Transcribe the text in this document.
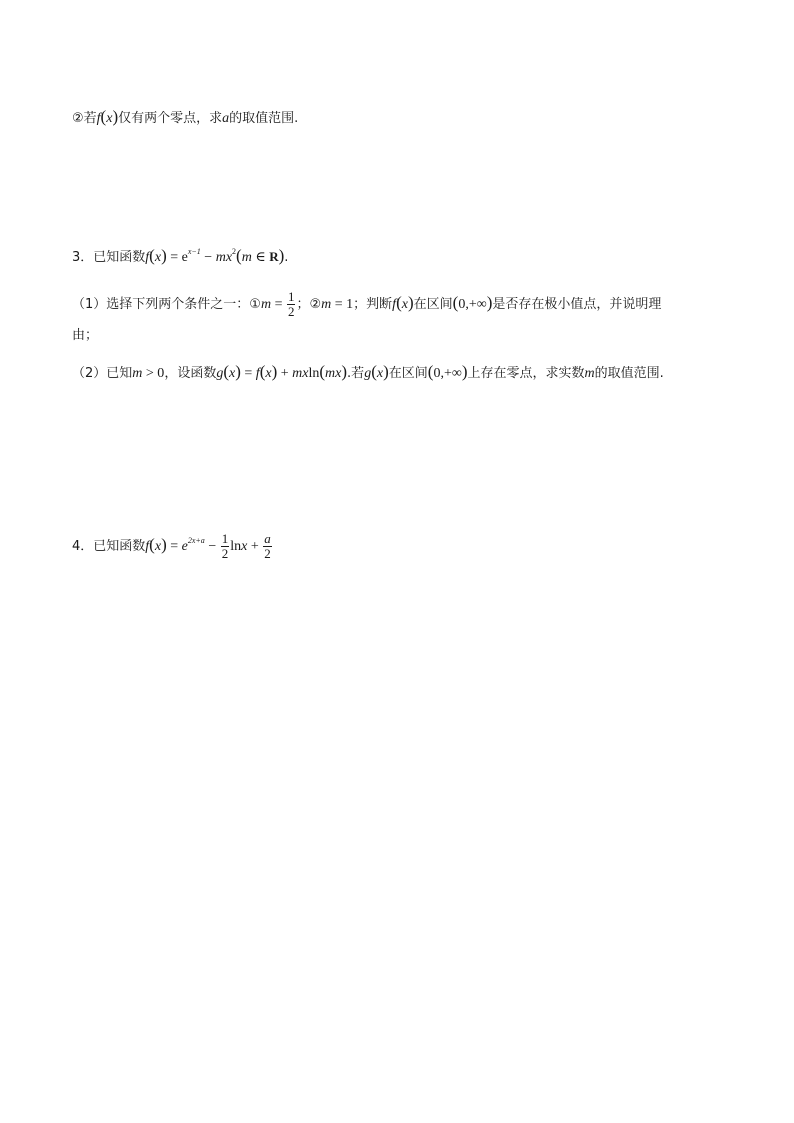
②若f(x)仅有两个零点，求a的取值范围.
3．已知函数$f(x) = e^{x-1} - mx^2(m$ ∈ R).
（1）选择下列两个条件之一：①m = $\frac{1}{2}$ ；②m = 1；判断f(x)在区间(0,+∞)是否存在极小值点，并说明理
由；
（2）已知m > 0，设函数g(x) = f(x) + mxln(mx).若g(x)在区间(0,+∞)上存在零点，求实数m的取值范围.
4．已知函数$f(x) = e^{2x+a} - \frac{1}{2}$ $\ln x + \frac{a}{2}$
